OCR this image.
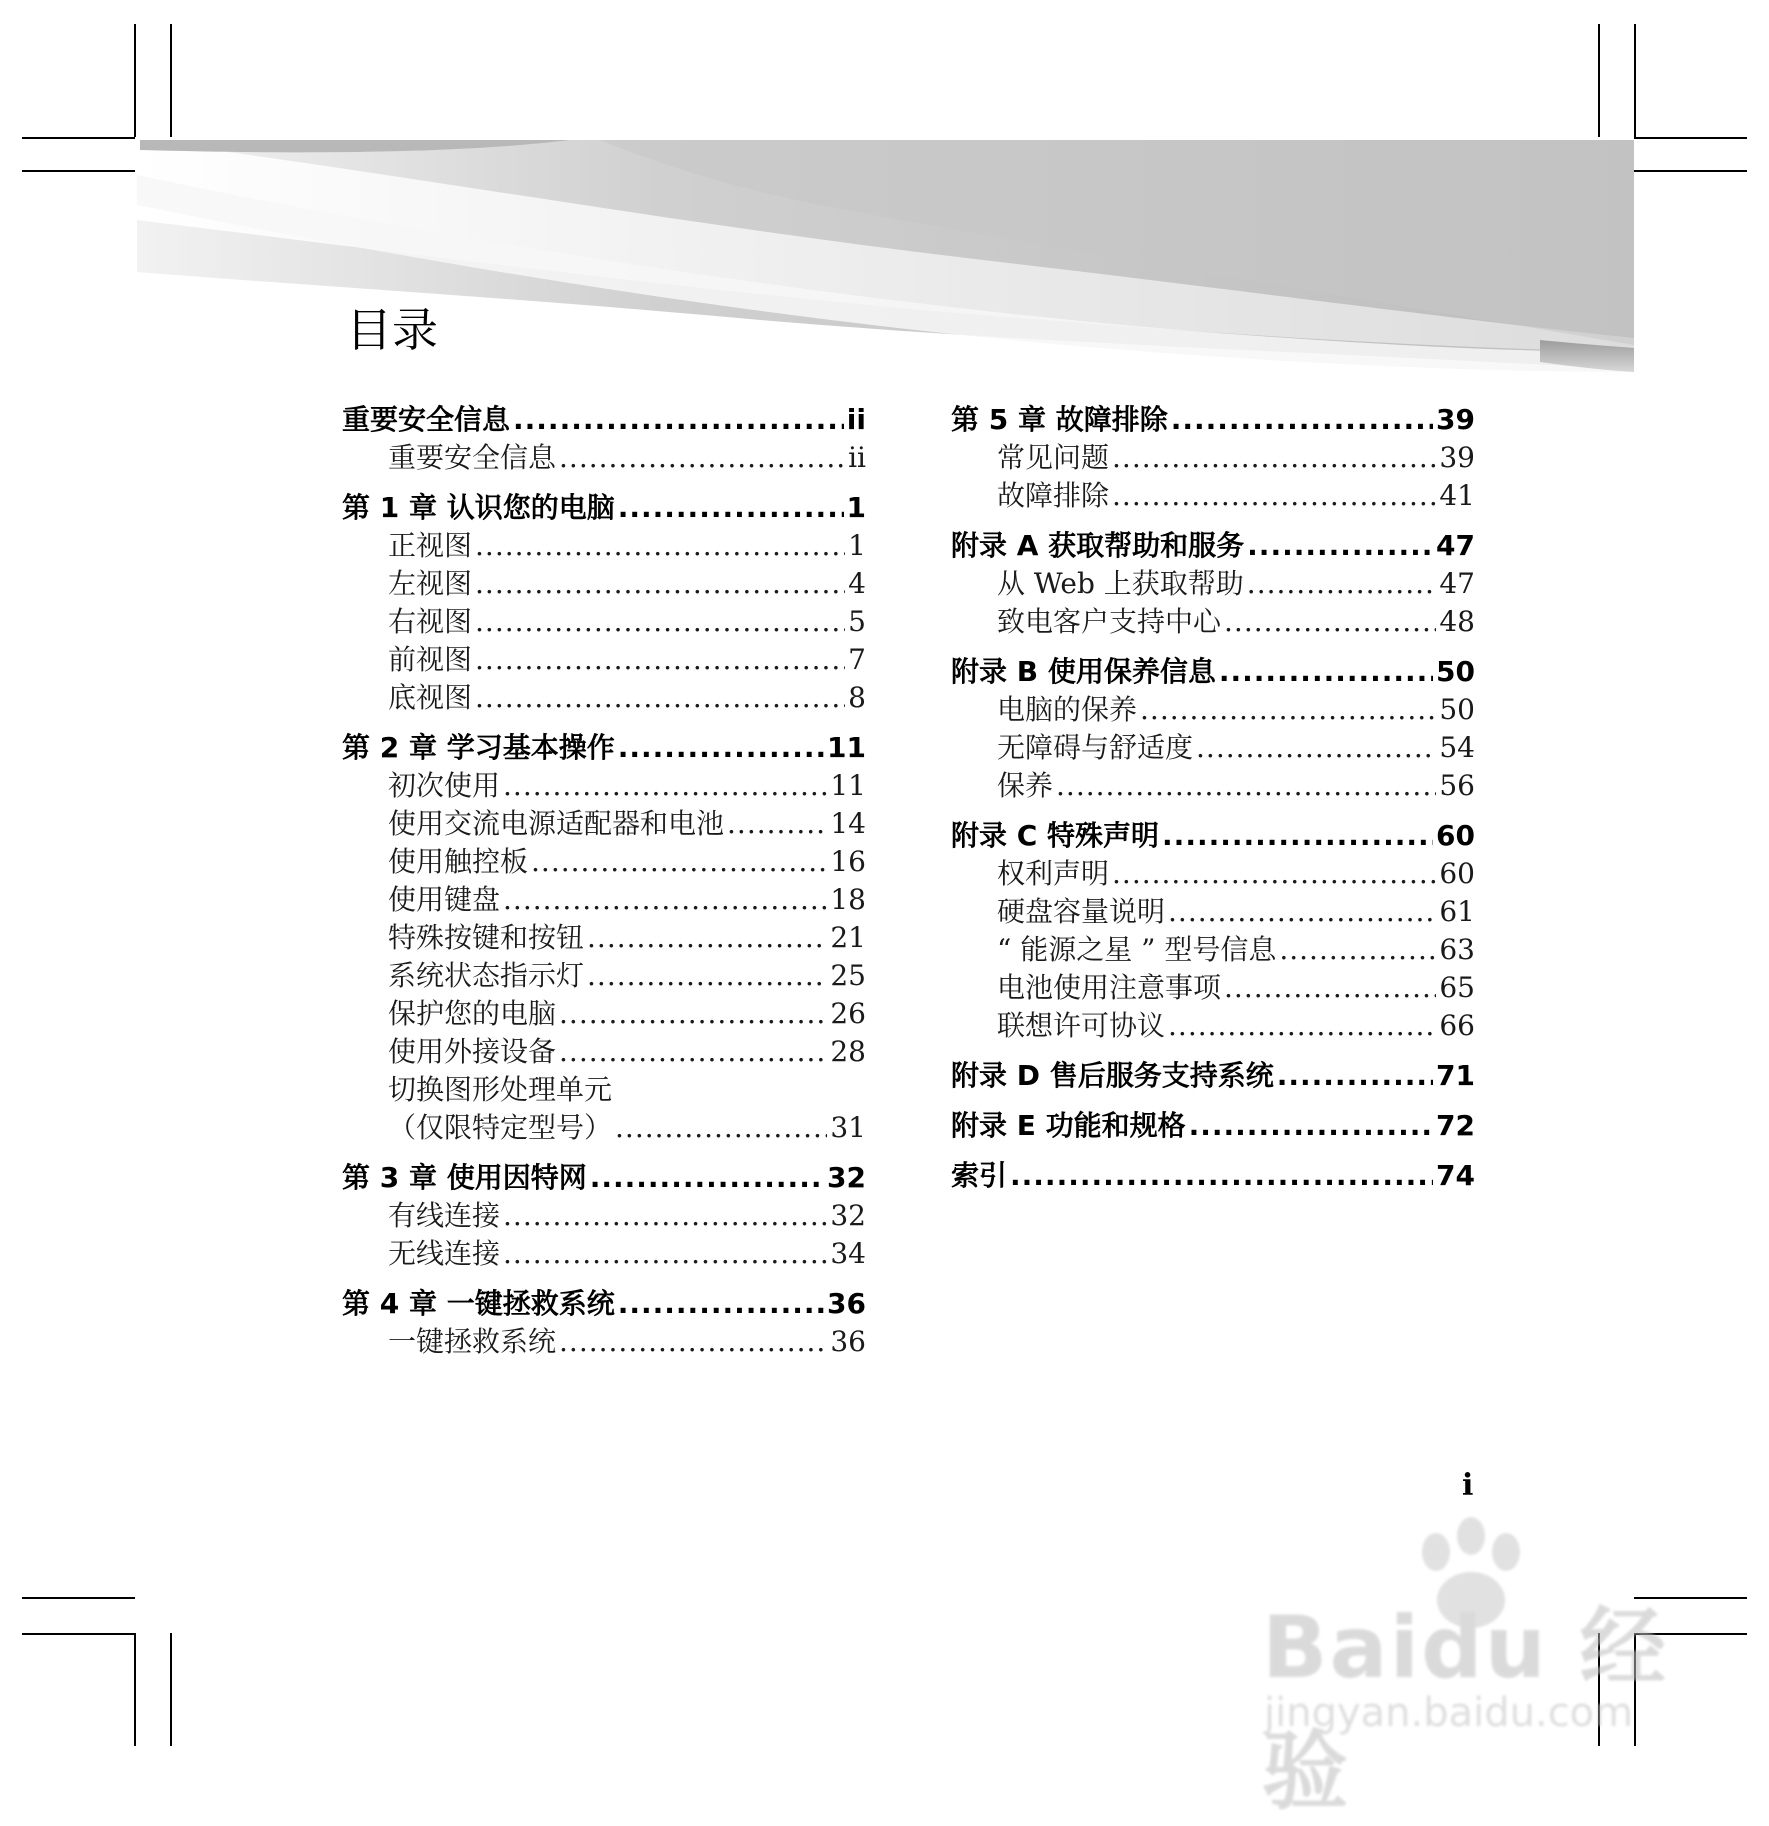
目录
重要安全信息 .....	ii
重要安全信息 .....	ii
第 1 章 认识您的电脑 .....	1
正视图 .....	1
左视图 .....	4
右视图 .....	5
前视图 .....	7
底视图 .....	8
第 2 章 学习基本操作 .....	11
初次使用 .....	11
使用交流电源适配器和电池 .....	14
使用触控板 .....	16
使用键盘 .....	18
特殊按键和按钮 .....	21
系统状态指示灯 .....	25
保护您的电脑 .....	26
使用外接设备 .....	28
切换图形处理单元
（仅限特定型号） .....	31
第 3 章 使用因特网 .....	32
有线连接 .....	32
无线连接 .....	34
第 4 章 一键拯救系统 .....	36
一键拯救系统 .....	36
第 5 章 故障排除 .....	39
常见问题 .....	39
故障排除 .....	41
附录 A 获取帮助和服务 .....	47
从 Web 上获取帮助 .....	47
致电客户支持中心 .....	48
附录 B 使用保养信息 .....	50
电脑的保养 .....	50
无障碍与舒适度 .....	54
保养 .....	56
附录 C 特殊声明 .....	60
权利声明 .....	60
硬盘容量说明 .....	61
“ 能源之星 ” 型号信息 .....	63
电池使用注意事项 .....	65
联想许可协议 .....	66
附录 D 售后服务支持系统 .....	71
附录 E 功能和规格 .....	72
索引 .....	74
i
Baidu 经验
jingyan.baidu.com
